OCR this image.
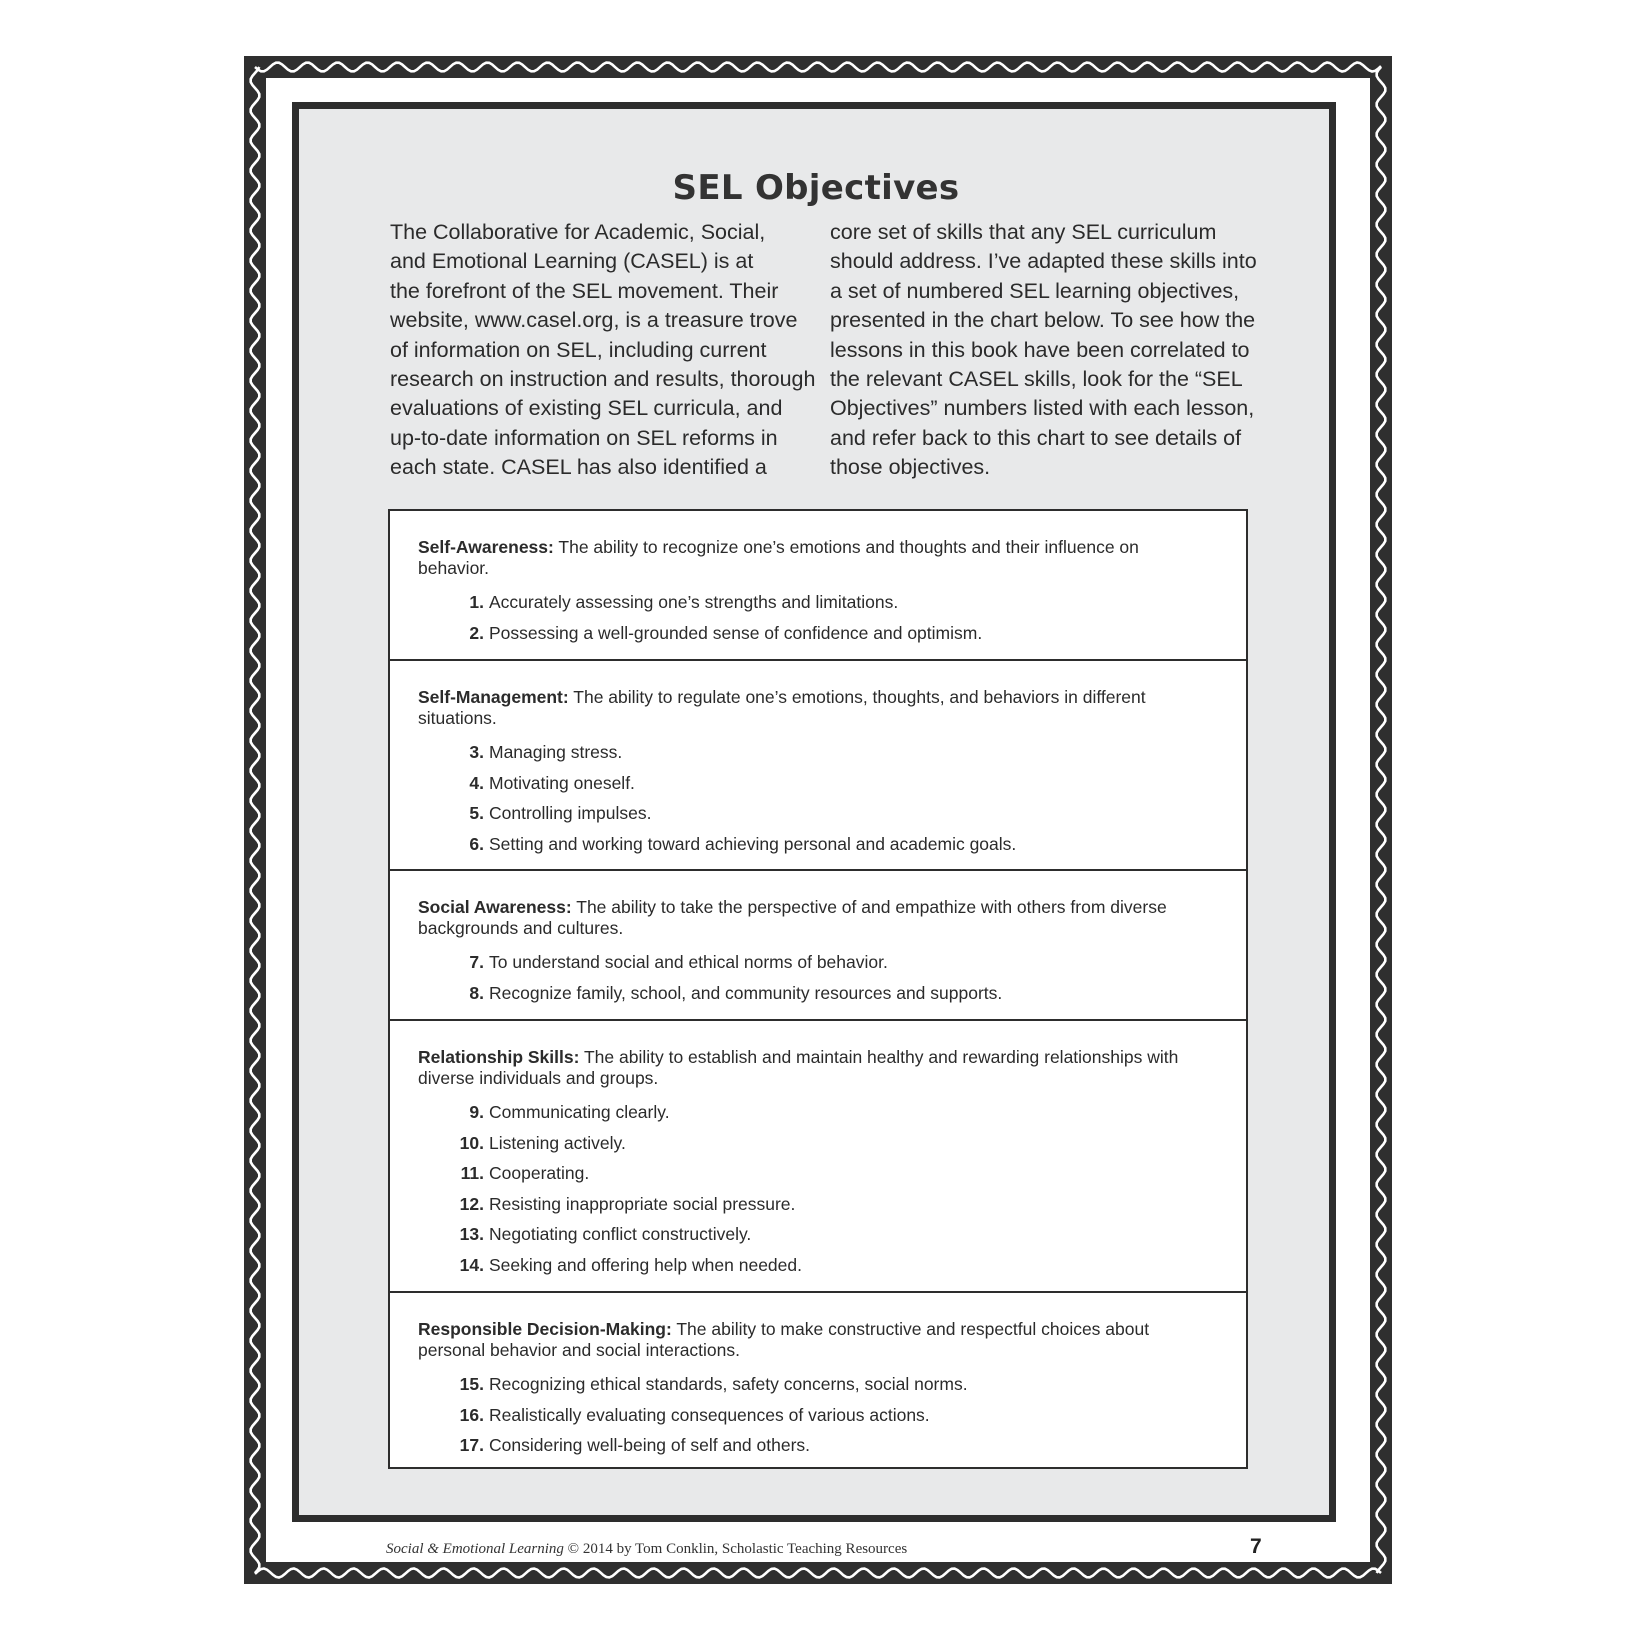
SEL Objectives
The Collaborative for Academic, Social,
and Emotional Learning (CASEL) is at
the forefront of the SEL movement. Their
website, www.casel.org, is a treasure trove
of information on SEL, including current
research on instruction and results, thorough
evaluations of existing SEL curricula, and
up-to-date information on SEL reforms in
each state. CASEL has also identified a
core set of skills that any SEL curriculum
should address. I’ve adapted these skills into
a set of numbered SEL learning objectives,
presented in the chart below. To see how the
lessons in this book have been correlated to
the relevant CASEL skills, look for the “SEL
Objectives” numbers listed with each lesson,
and refer back to this chart to see details of
those objectives.
Self-Awareness: The ability to recognize one’s emotions and thoughts and their influence on behavior.
1. Accurately assessing one’s strengths and limitations.
2. Possessing a well-grounded sense of confidence and optimism.
Self-Management: The ability to regulate one’s emotions, thoughts, and behaviors in different situations.
3. Managing stress.
4. Motivating oneself.
5. Controlling impulses.
6. Setting and working toward achieving personal and academic goals.
Social Awareness: The ability to take the perspective of and empathize with others from diverse backgrounds and cultures.
7. To understand social and ethical norms of behavior.
8. Recognize family, school, and community resources and supports.
Relationship Skills: The ability to establish and maintain healthy and rewarding relationships with diverse individuals and groups.
9. Communicating clearly.
10. Listening actively.
11. Cooperating.
12. Resisting inappropriate social pressure.
13. Negotiating conflict constructively.
14. Seeking and offering help when needed.
Responsible Decision-Making: The ability to make constructive and respectful choices about personal behavior and social interactions.
15. Recognizing ethical standards, safety concerns, social norms.
16. Realistically evaluating consequences of various actions.
17. Considering well-being of self and others.
Social & Emotional Learning © 2014 by Tom Conklin, Scholastic Teaching Resources	7
